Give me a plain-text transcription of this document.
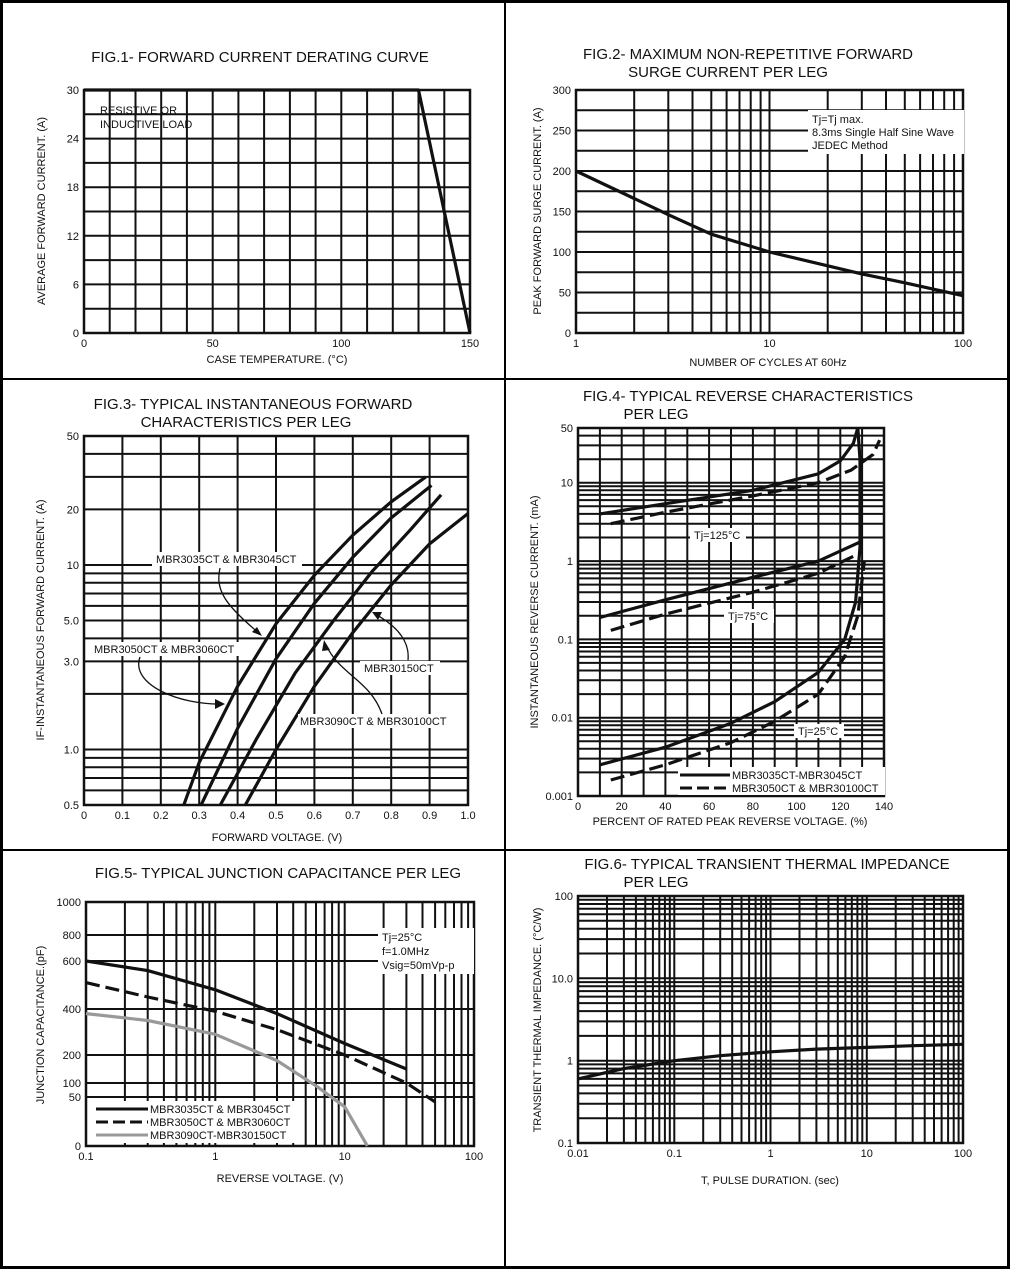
FIG.1- FORWARD CURRENT DERATING CURVE
0	50	100	150
0
6
12
18
24
30
RESISTIVE OR
INDUCTIVE LOAD
CASE TEMPERATURE. (°C)
AVERAGE FORWARD CURRENT. (A)
FIG.2- MAXIMUM NON-REPETITIVE FORWARD
SURGE CURRENT PER LEG
1	10	100
0
50
100
150
200
250
300
Tj=Tj max.
8.3ms Single Half Sine Wave
JEDEC Method
NUMBER OF CYCLES AT 60Hz
PEAK FORWARD SURGE CURRENT. (A)
FIG.3- TYPICAL INSTANTANEOUS FORWARD
CHARACTERISTICS PER LEG
0	0.1 0.2 0.3 0.4 0.5 0.6 0.7 0.8 0.9 1.0
0.5
1.0
3.0
5.0
10
20
50
MBR3035CT & MBR3045CT
MBR3050CT & MBR3060CT
MBR30150CT
MBR3090CT & MBR30100CT
FORWARD VOLTAGE. (V)
IF-INSTANTANEOUS FORWARD CURRENT. (A)
FIG.4- TYPICAL REVERSE CHARACTERISTICS
PER LEG
0	20	40	60	80	100 120 140
0.001
0.01
0.1
1
10
50
Tj=125°C
Tj=75°C
Tj=25°C
MBR3035CT-MBR3045CT
MBR3050CT & MBR30100CT
PERCENT OF RATED PEAK REVERSE VOLTAGE. (%)
INSTANTANEOUS REVERSE CURRENT. (mA)
FIG.5- TYPICAL JUNCTION CAPACITANCE PER LEG
0.1	1	10	100
0
50
100
200
400
600
800
1000
Tj=25°C
f=1.0MHz
Vsig=50mVp-p
MBR3035CT & MBR3045CT
MBR3050CT & MBR3060CT
MBR3090CT-MBR30150CT
REVERSE VOLTAGE. (V)
JUNCTION CAPACITANCE.(pF)
FIG.6- TYPICAL TRANSIENT THERMAL IMPEDANCE
PER LEG
0.01	0.1	1	10	100
0.1
1
10.0
100
T, PULSE DURATION. (sec)
TRANSIENT THERMAL IMPEDANCE. (°C/W)
